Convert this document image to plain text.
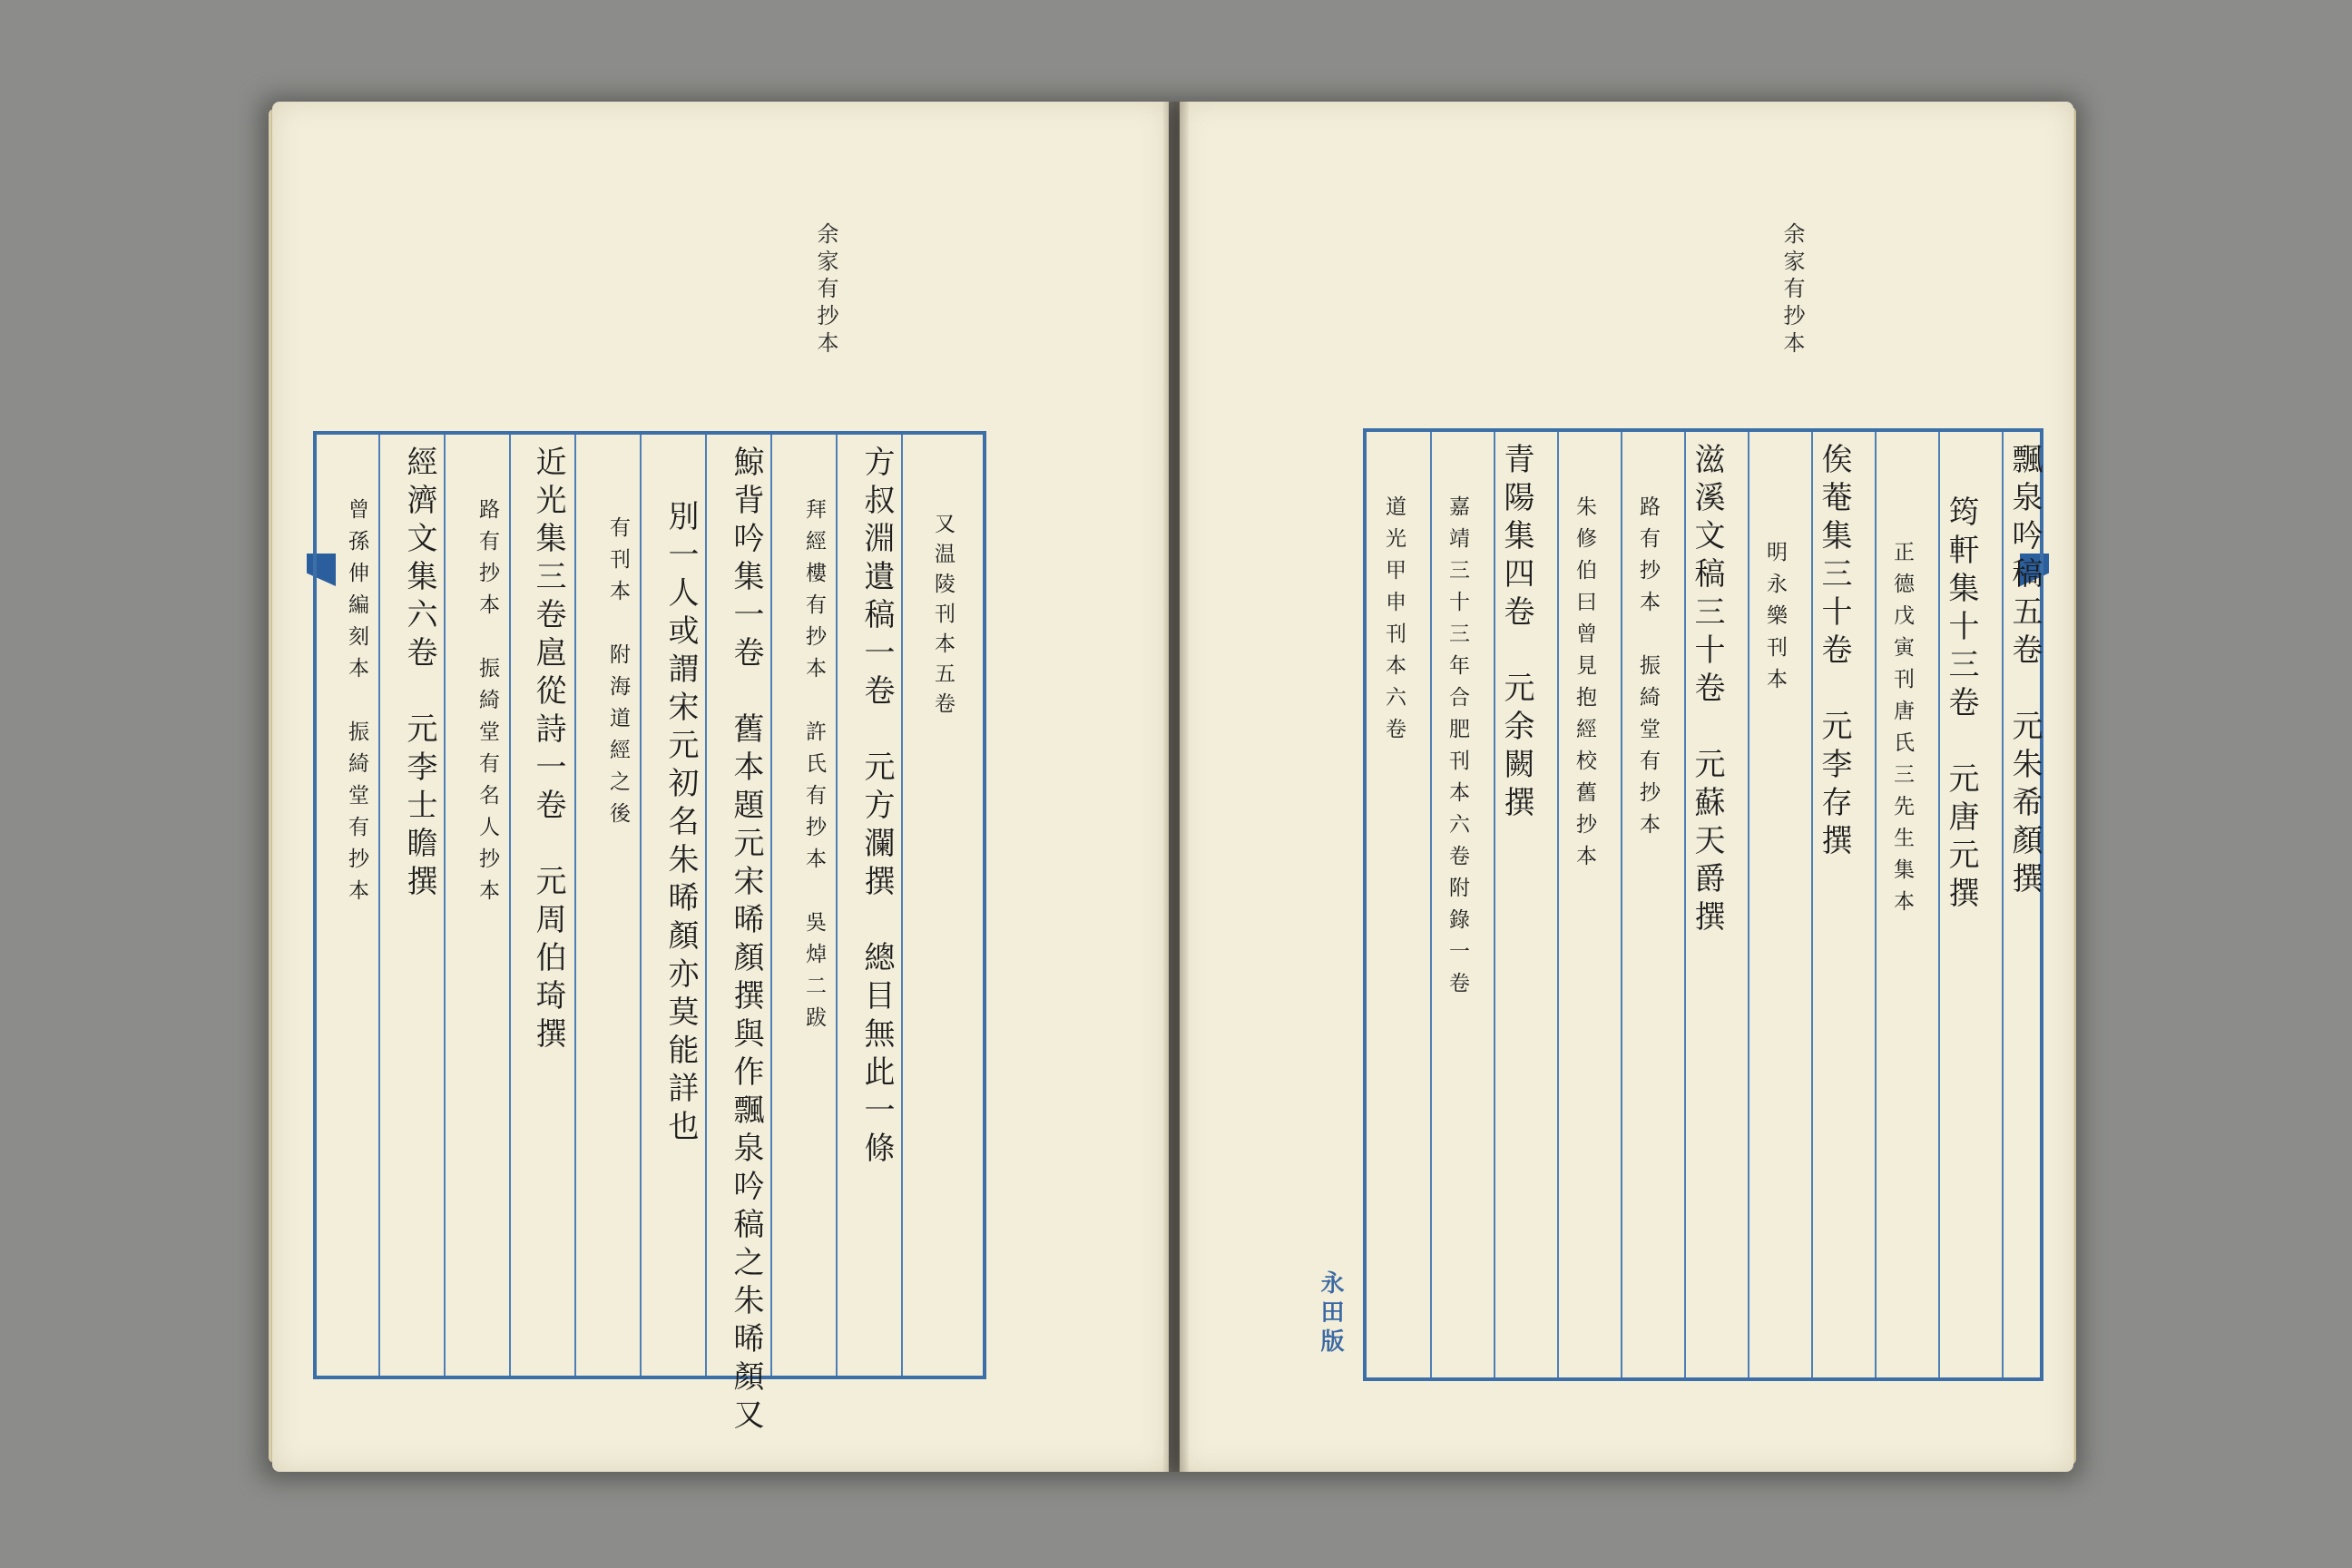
余家有抄本
又温陵刊本五卷
方叔淵遺稿一卷　元方瀾撰　總目無此一條
拜經樓有抄本　許氏有抄本　吳焯二跋
鯨背吟集一卷　舊本題元宋晞顏撰與作飄泉吟稿之朱晞顏又
別一人或謂宋元初名朱晞顏亦莫能詳也
有刊本　附海道經之後
近光集三卷扈從詩一卷　元周伯琦撰
路有抄本　振綺堂有名人抄本
經濟文集六卷　元李士瞻撰
曾孫伸編刻本　振綺堂有抄本
余家有抄本
飄泉吟稿五卷　元朱希顏撰
筠軒集十三卷　元唐元撰
正德戊寅刊唐氏三先生集本
俟菴集三十卷　元李存撰
明永樂刊本
滋溪文稿三十卷　元蘇天爵撰
路有抄本　振綺堂有抄本
朱修伯曰曾見抱經校舊抄本
青陽集四卷　元余闕撰
嘉靖三十三年合肥刊本六卷附錄一卷
道光甲申刊本六卷
永田版
